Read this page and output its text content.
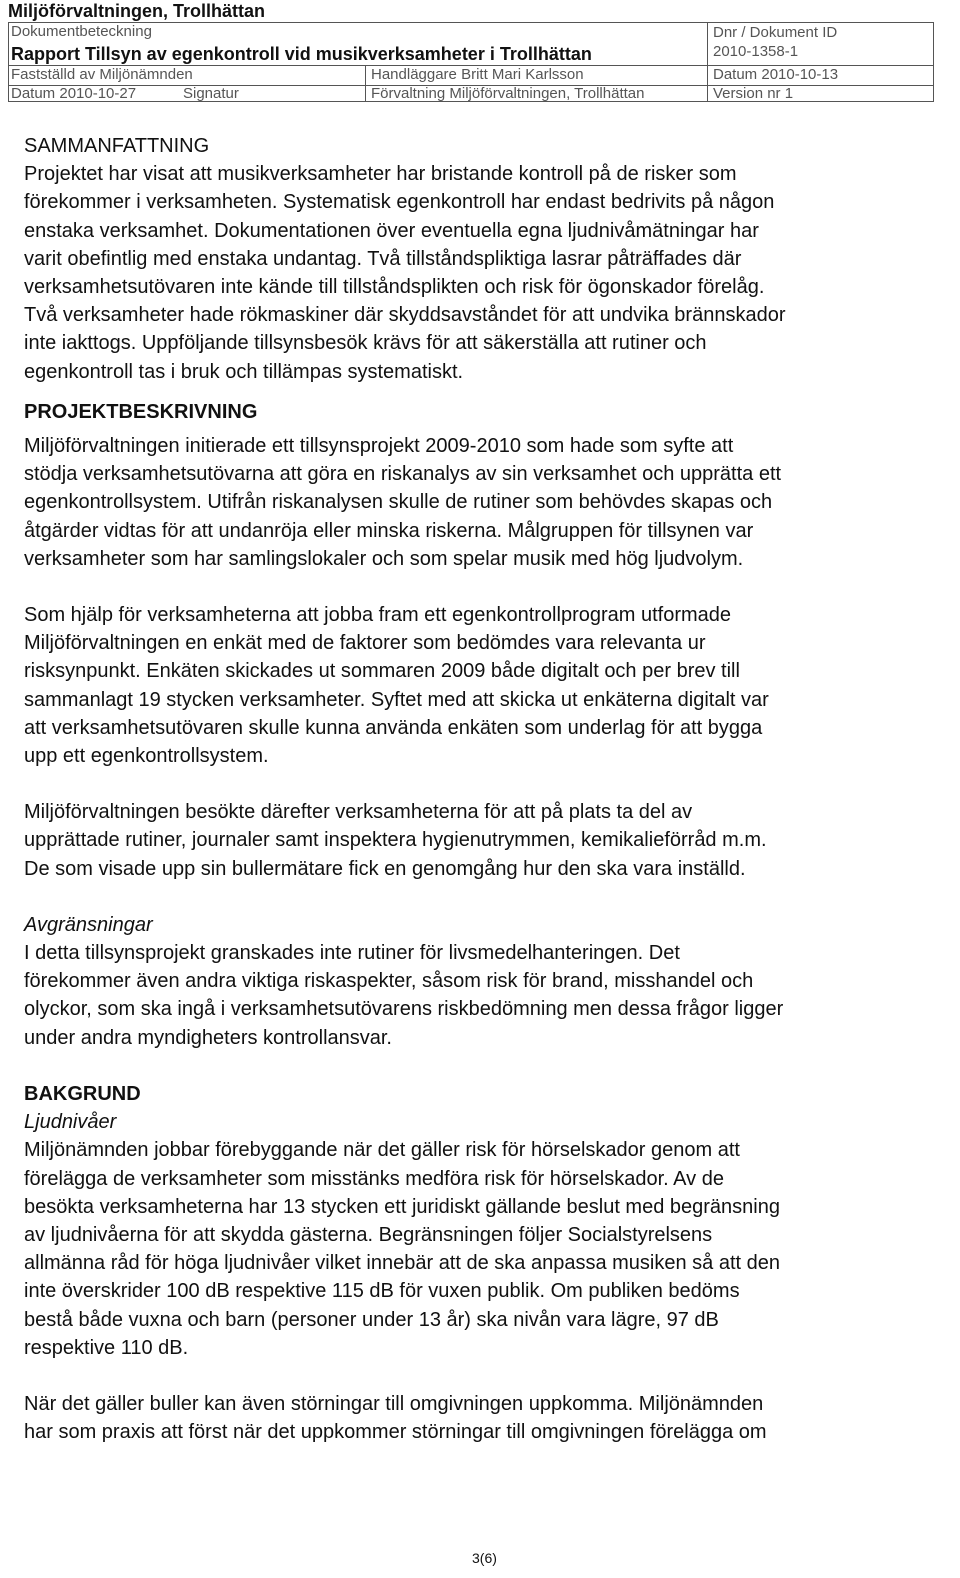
Miljöförvaltningen, Trollhättan
Dokumentbeteckning
Rapport Tillsyn av egenkontroll vid musikverksamheter i Trollhättan
Dnr / Dokument ID
2010-1358-1
Fastställd av Miljönämnden	Handläggare Britt Mari Karlsson	Datum 2010-10-13
Datum 2010-10-27	Signatur	Förvaltning Miljöförvaltningen, Trollhättan	Version nr 1

SAMMANFATTNING

Projektet har visat att musikverksamheter har bristande kontroll på de risker som
förekommer i verksamheten. Systematisk egenkontroll har endast bedrivits på någon
enstaka verksamhet. Dokumentationen över eventuella egna ljudnivåmätningar har
varit obefintlig med enstaka undantag. Två tillståndspliktiga lasrar påträffades där
verksamhetsutövaren inte kände till tillståndsplikten och risk för ögonskador förelåg.
Två verksamheter hade rökmaskiner där skyddsavståndet för att undvika brännskador
inte iakttogs. Uppföljande tillsynsbesök krävs för att säkerställa att rutiner och
egenkontroll tas i bruk och tillämpas systematiskt.

PROJEKTBESKRIVNING

Miljöförvaltningen initierade ett tillsynsprojekt 2009-2010 som hade som syfte att
stödja verksamhetsutövarna att göra en riskanalys av sin verksamhet och upprätta ett
egenkontrollsystem. Utifrån riskanalysen skulle de rutiner som behövdes skapas och
åtgärder vidtas för att undanröja eller minska riskerna. Målgruppen för tillsynen var
verksamheter som har samlingslokaler och som spelar musik med hög ljudvolym.
Som hjälp för verksamheterna att jobba fram ett egenkontrollprogram utformade
Miljöförvaltningen en enkät med de faktorer som bedömdes vara relevanta ur
risksynpunkt. Enkäten skickades ut sommaren 2009 både digitalt och per brev till
sammanlagt 19 stycken verksamheter. Syftet med att skicka ut enkäterna digitalt var
att verksamhetsutövaren skulle kunna använda enkäten som underlag för att bygga
upp ett egenkontrollsystem.
Miljöförvaltningen besökte därefter verksamheterna för att på plats ta del av
upprättade rutiner, journaler samt inspektera hygienutrymmen, kemikalieförråd m.m.
De som visade upp sin bullermätare fick en genomgång hur den ska vara inställd.

Avgränsningar

I detta tillsynsprojekt granskades inte rutiner för livsmedelhanteringen. Det
förekommer även andra viktiga riskaspekter, såsom risk för brand, misshandel och
olyckor, som ska ingå i verksamhetsutövarens riskbedömning men dessa frågor ligger
under andra myndigheters kontrollansvar.

BAKGRUND

Ljudnivåer

Miljönämnden jobbar förebyggande när det gäller risk för hörselskador genom att
förelägga de verksamheter som misstänks medföra risk för hörselskador. Av de
besökta verksamheterna har 13 stycken ett juridiskt gällande beslut med begränsning
av ljudnivåerna för att skydda gästerna. Begränsningen följer Socialstyrelsens
allmänna råd för höga ljudnivåer vilket innebär att de ska anpassa musiken så att den
inte överskrider 100 dB respektive 115 dB för vuxen publik. Om publiken bedöms
bestå både vuxna och barn (personer under 13 år) ska nivån vara lägre, 97 dB
respektive 110 dB.
När det gäller buller kan även störningar till omgivningen uppkomma. Miljönämnden
har som praxis att först när det uppkommer störningar till omgivningen förelägga om
3(6)
